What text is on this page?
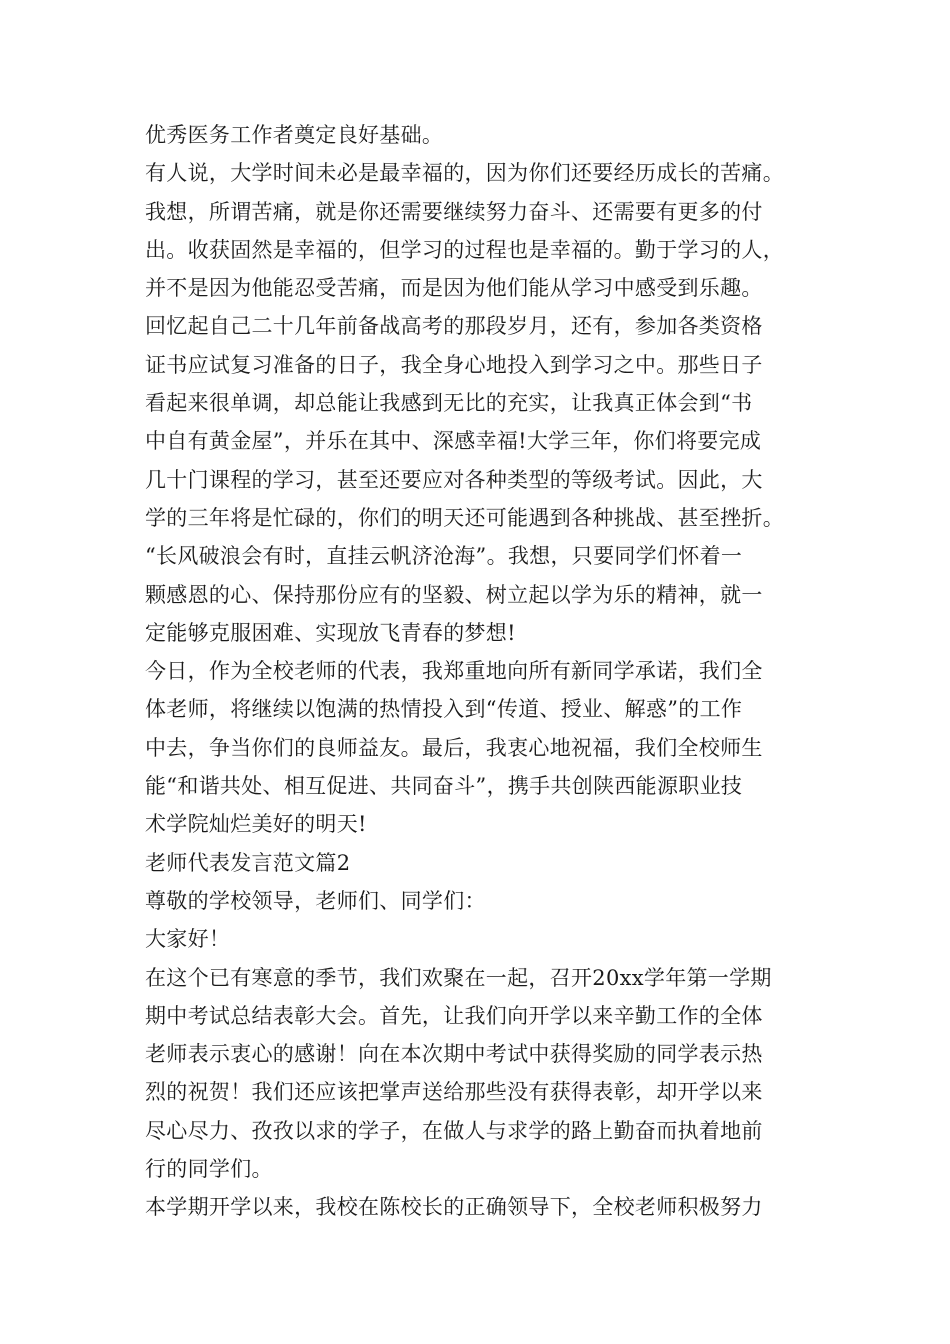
优秀医务工作者奠定良好基础。
有人说，大学时间未必是最幸福的，因为你们还要经历成长的苦痛。
我想，所谓苦痛，就是你还需要继续努力奋斗、还需要有更多的付
出。收获固然是幸福的，但学习的过程也是幸福的。勤于学习的人，
并不是因为他能忍受苦痛，而是因为他们能从学习中感受到乐趣。
回忆起自己二十几年前备战高考的那段岁月，还有，参加各类资格
证书应试复习准备的日子，我全身心地投入到学习之中。那些日子
看起来很单调，却总能让我感到无比的充实，让我真正体会到“书
中自有黄金屋”，并乐在其中、深感幸福!大学三年，你们将要完成
几十门课程的学习，甚至还要应对各种类型的等级考试。因此，大
学的三年将是忙碌的，你们的明天还可能遇到各种挑战、甚至挫折。
“长风破浪会有时，直挂云帆济沧海”。我想，只要同学们怀着一
颗感恩的心、保持那份应有的坚毅、树立起以学为乐的精神，就一
定能够克服困难、实现放飞青春的梦想!
今日，作为全校老师的代表，我郑重地向所有新同学承诺，我们全
体老师，将继续以饱满的热情投入到“传道、授业、解惑”的工作
中去，争当你们的良师益友。最后，我衷心地祝福，我们全校师生
能“和谐共处、相互促进、共同奋斗”，携手共创陕西能源职业技
术学院灿烂美好的明天!
老师代表发言范文篇2
尊敬的学校领导，老师们、同学们：
大家好！
在这个已有寒意的季节，我们欢聚在一起，召开20xx学年第一学期
期中考试总结表彰大会。首先，让我们向开学以来辛勤工作的全体
老师表示衷心的感谢！向在本次期中考试中获得奖励的同学表示热
烈的祝贺！我们还应该把掌声送给那些没有获得表彰，却开学以来
尽心尽力、孜孜以求的学子，在做人与求学的路上勤奋而执着地前
行的同学们。
本学期开学以来，我校在陈校长的正确领导下，全校老师积极努力
